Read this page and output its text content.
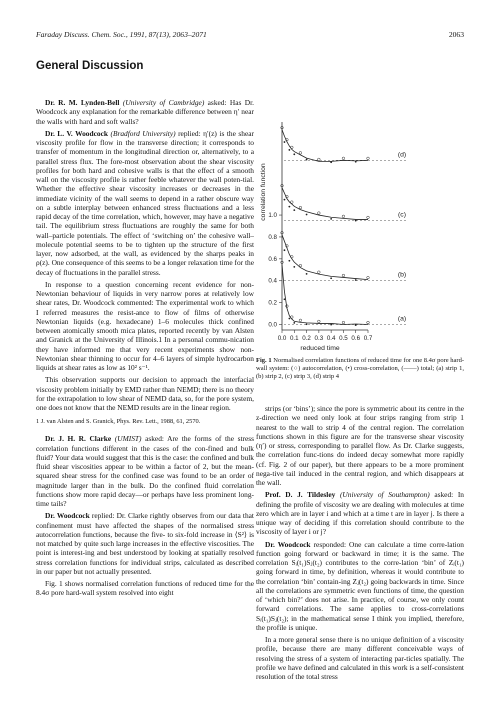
Faraday Discuss. Chem. Soc., 1991, 87(13), 2063–2071	2063
General Discussion

Dr. R. M. Lynden-Bell (University of Cambridge) asked: Has Dr. Woodcock any explanation for the remarkable difference between η′ near the walls with hard and soft walls?

Dr. L. V. Woodcock (Bradford University) replied: η′(z) is the shear viscosity profile for flow in the transverse direction; it corresponds to transfer of momentum in the longitudinal direction or, alternatively, to a parallel stress flux. The fore-most observation about the shear viscosity profiles for both hard and cohesive walls is that the effect of a smooth wall on the viscosity profile is rather feeble whatever the wall poten-tial. Whether the effective shear viscosity increases or decreases in the immediate vicinity of the wall seems to depend in a rather obscure way on a subtle interplay between enhanced stress fluctuations and a less rapid decay of the time correlation, which, however, may have a negative tail. The equilibrium stress fluctuations are roughly the same for both wall–particle potentials. The effect of ‘switching on’ the cohesive wall–molecule potential seems to be to tighten up the structure of the first layer, now adsorbed, at the wall, as evidenced by the sharps peaks in ρ(z). One consequence of this seems to be a longer relaxation time for the decay of fluctuations in the parallel stress.

In response to a question concerning recent evidence for non-Newtonian behaviour of liquids in very narrow pores at relatively low shear rates, Dr. Woodcock commented: The experimental work to which I referred measures the resist-ance to flow of films of otherwise Newtonian liquids (e.g. hexadecane) 1–6 molecules thick confined between atomically smooth mica plates, reported recently by van Alsten and Granick at the University of Illinois.1 In a personal commu-nication they have informed me that very recent experiments show non-Newtonian shear thinning to occur for 4–6 layers of simple hydrocarbon liquids at shear rates as low as 10² s⁻¹.

This observation supports our decision to approach the interfacial viscosity problem initially by EMD rather than NEMD; there is no theory for the extrapolation to low shear of NEMD data, so, for the pore system, one does not know that the NEMD results are in the linear region.

1 J. van Alsten and S. Granick, Phys. Rev. Lett., 1988, 61, 2570.

Dr. J. H. R. Clarke (UMIST) asked: Are the forms of the stress correlation functions different in the cases of the con-fined and bulk fluid? Your data would suggest that this is the case: the confined and bulk fluid shear viscosities appear to be within a factor of 2, but the mean-squared shear stress for the confined case was found to be an order of magnitude larger than in the bulk. Do the confined fluid correlation functions show more rapid decay—or perhaps have less prominent long-time tails?

Dr. Woodcock replied: Dr. Clarke rightly observes from our data that confinement must have affected the shapes of the normalised stress autocorrelation functions, because the five- to six-fold increase in ⟨S²⟩ is not matched by quite such large increases in the effective viscosities. The point is interest-ing and best understood by looking at spatially resolved stress correlation functions for individual strips, calculated as described in our paper but not actually presented.

Fig. 1 shows normalised correlation functions of reduced time for the 8.4σ pore hard-wall system resolved into eight

0.0 0.1 0.2 0.3 0.4 0.5 0.6 0.7
0.0
0.2
0.4
0.6
0.8
1.0
reduced time
correlation function
(a)
(b)
(c)
(d)
Fig. 1 Normalised correlation functions of reduced time for one 8.4σ pore hard-wall system: (○) autocorrelation, (•) cross-correlation, (——) total; (a) strip 1, (b) strip 2, (c) strip 3, (d) strip 4

strips (or ‘bins’); since the pore is symmetric about its centre in the z-direction we need only look at four strips ranging from strip 1 nearest to the wall to strip 4 of the central region. The correlation functions shown in this figure are for the transverse shear viscosity (η′) or stress, corresponding to parallel flow. As Dr. Clarke suggests, the correlation func-tions do indeed decay somewhat more rapidly (cf. Fig. 2 of our paper), but there appears to be a more prominent nega-tive tail induced in the central region, and which disappears at the wall.

Prof. D. J. Tildesley (University of Southampton) asked: In defining the profile of viscosity we are dealing with molecules at time zero which are in layer i and which at a time t are in layer j. Is there a unique way of deciding if this correlation should contribute to the viscosity of layer i or j?

Dr. Woodcock responded: One can calculate a time corre-lation function going forward or backward in time; it is the same. The correlation Sᵢ(t₁)Sⱼ(t₂) contributes to the corre-lation ‘bin’ of Zᵢ(t₁) going forward in time, by definition, whereas it would contribute to the correlation ‘bin’ contain-ing Zⱼ(t₂) going backwards in time. Since all the correlations are symmetric even functions of time, the question of ‘which bin?’ does not arise. In practice, of course, we only count forward correlations. The same applies to cross-correlations Sᵢ(t₁)Sⱼ(t₂); in the mathematical sense I think you implied, therefore, the profile is unique.

In a more general sense there is no unique definition of a viscosity profile, because there are many different conceivable ways of resolving the stress of a system of interacting par-ticles spatially. The profile we have defined and calculated in this work is a self-consistent resolution of the total stress
